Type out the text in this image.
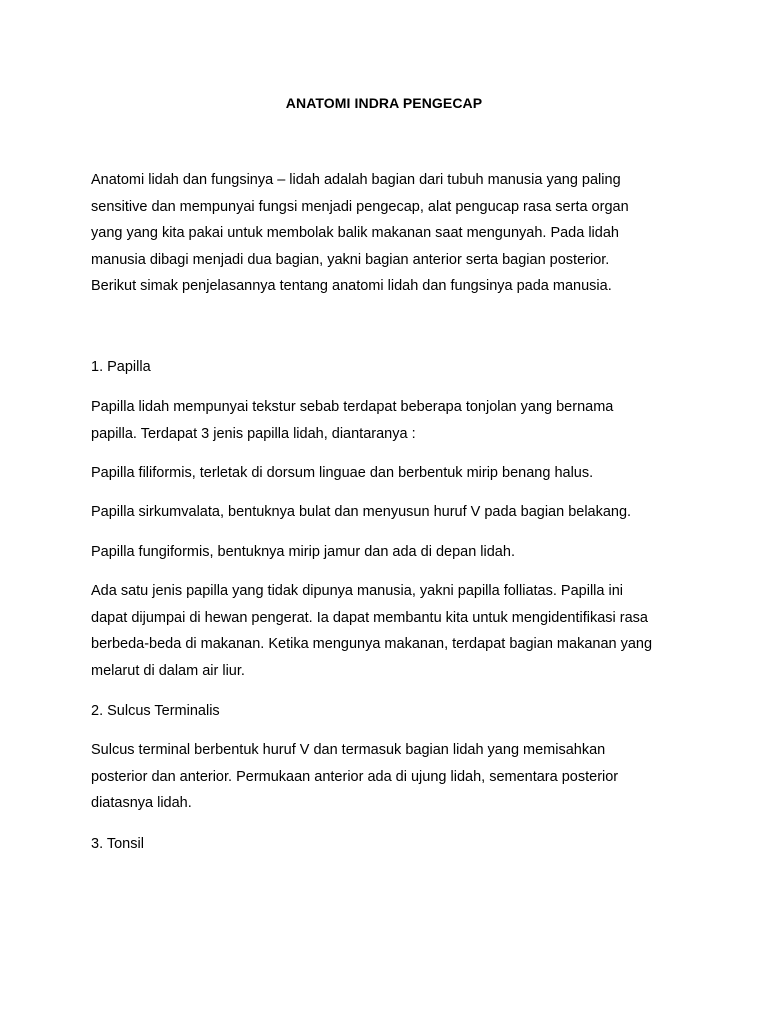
ANATOMI INDRA PENGECAP
Anatomi lidah dan fungsinya – lidah adalah bagian dari tubuh manusia yang paling
sensitive dan mempunyai fungsi menjadi pengecap, alat pengucap rasa serta organ
yang yang kita pakai untuk membolak balik makanan saat mengunyah. Pada lidah
manusia dibagi menjadi dua bagian, yakni bagian anterior serta bagian posterior.
Berikut simak penjelasannya tentang anatomi lidah dan fungsinya pada manusia.
1. Papilla
Papilla lidah mempunyai tekstur sebab terdapat beberapa tonjolan yang bernama
papilla. Terdapat 3 jenis papilla lidah, diantaranya :
Papilla filiformis, terletak di dorsum linguae dan berbentuk mirip benang halus.
Papilla sirkumvalata, bentuknya bulat dan menyusun huruf V pada bagian belakang.
Papilla fungiformis, bentuknya mirip jamur dan ada di depan lidah.
Ada satu jenis papilla yang tidak dipunya manusia, yakni papilla folliatas. Papilla ini
dapat dijumpai di hewan pengerat. Ia dapat membantu kita untuk mengidentifikasi rasa
berbeda-beda di makanan. Ketika mengunya makanan, terdapat bagian makanan yang
melarut di dalam air liur.
2. Sulcus Terminalis
Sulcus terminal berbentuk huruf V dan termasuk bagian lidah yang memisahkan
posterior dan anterior. Permukaan anterior ada di ujung lidah, sementara posterior
diatasnya lidah.
3. Tonsil
